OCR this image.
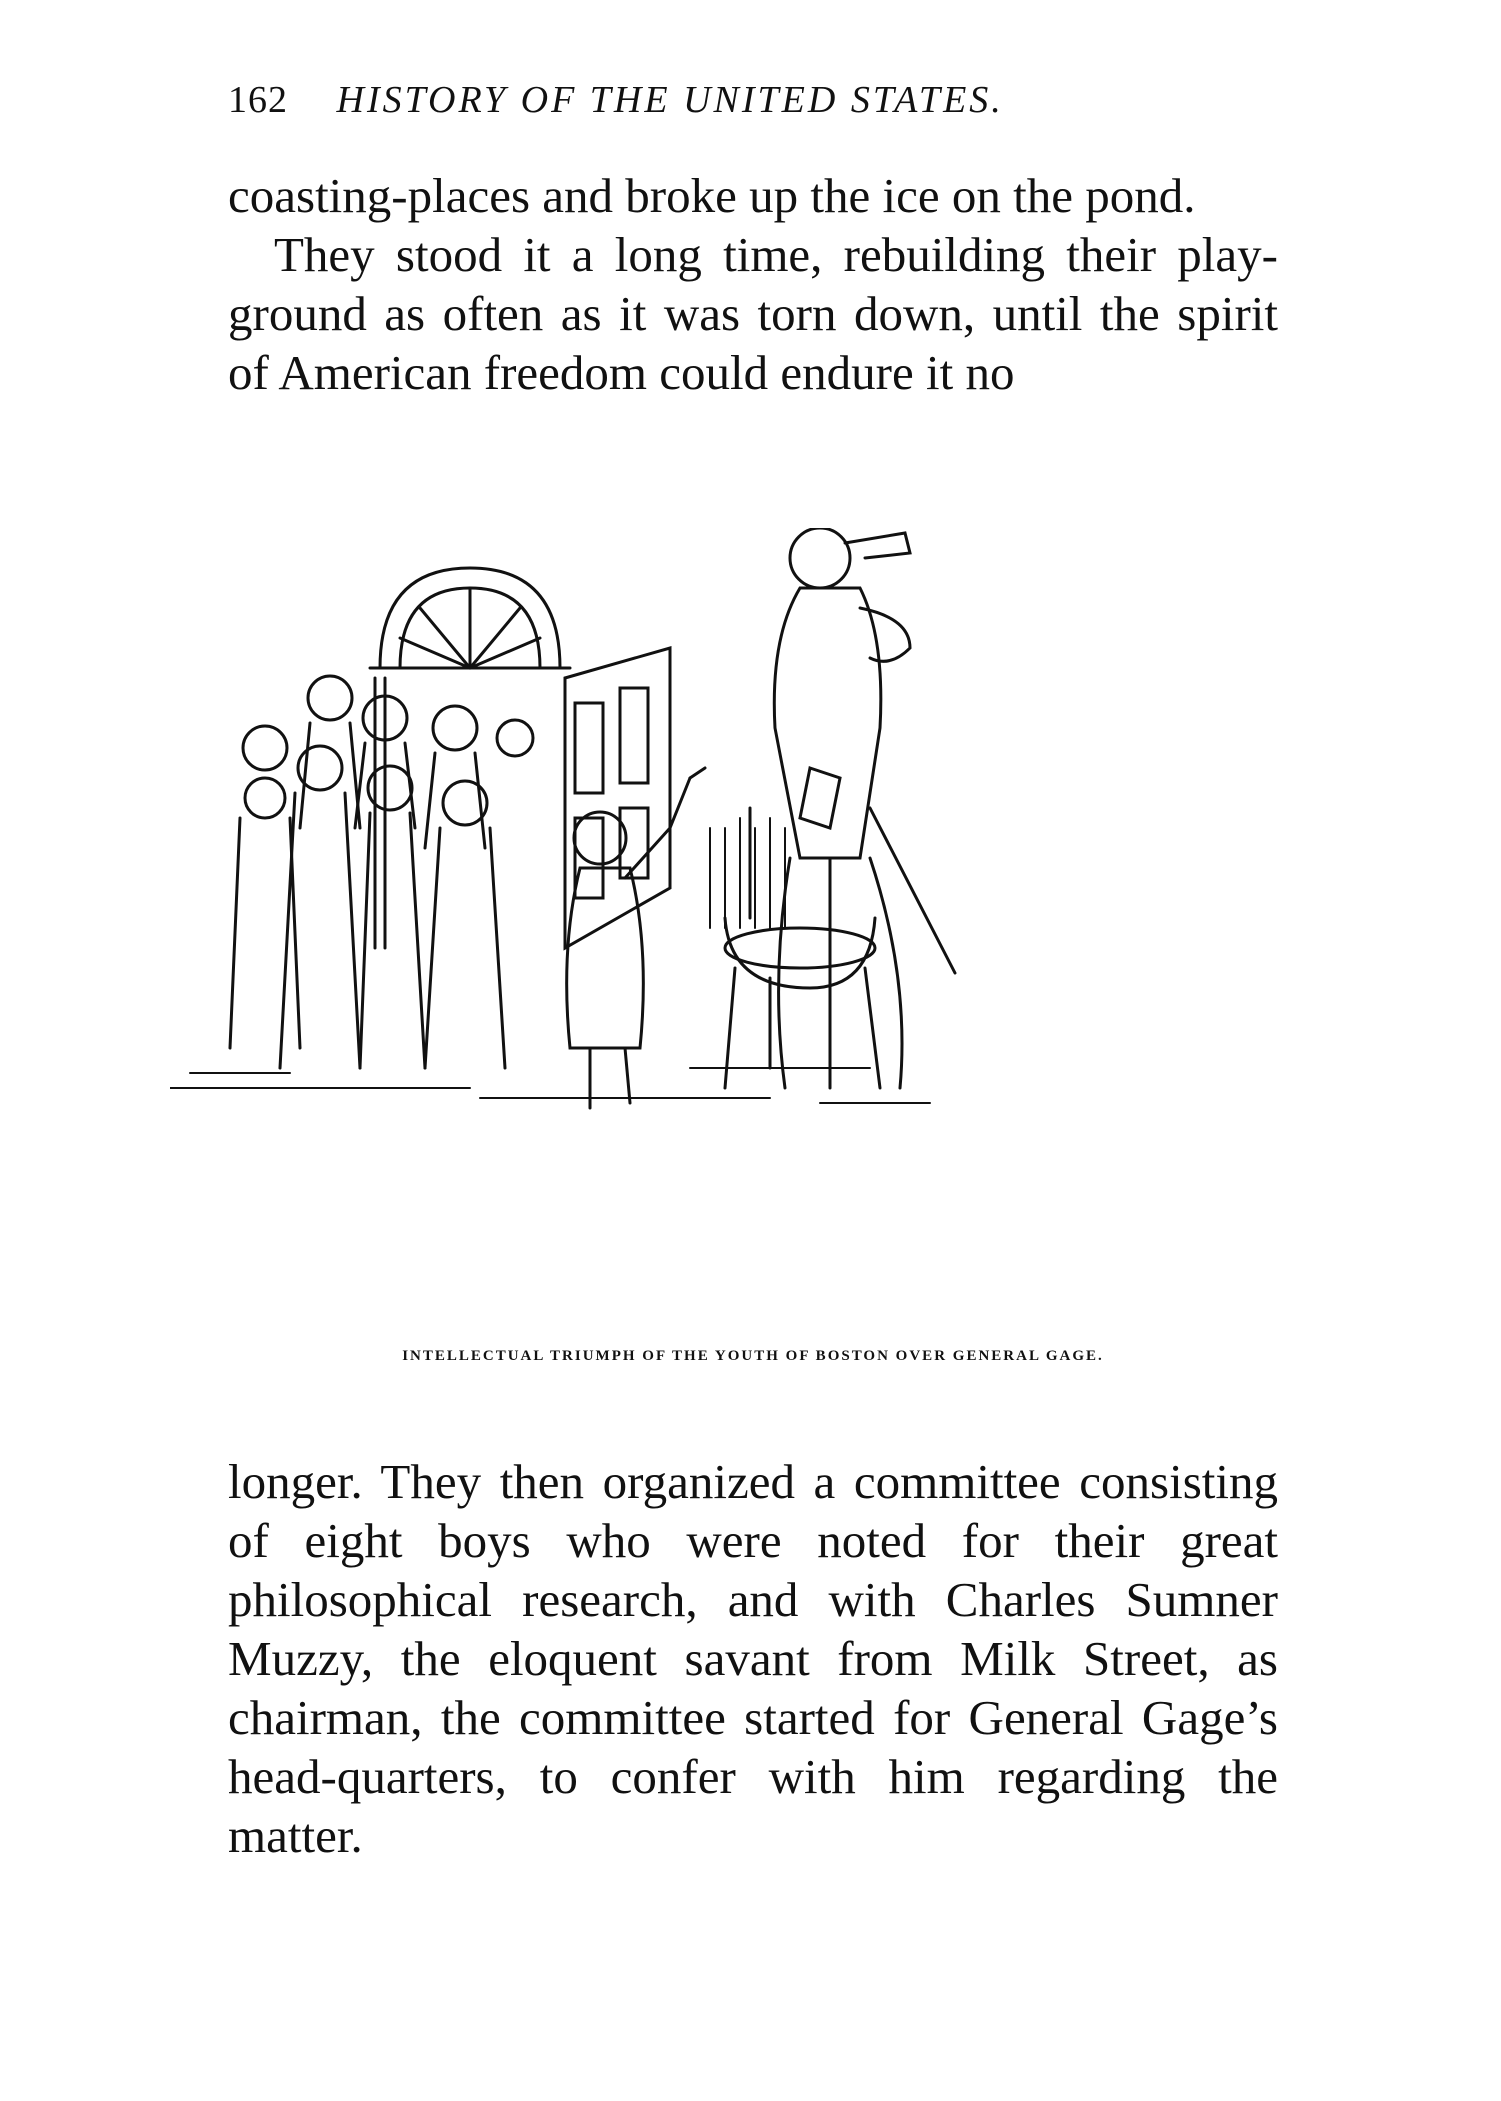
162 HISTORY OF THE UNITED STATES.

coasting-places and broke up the ice on the pond.

They stood it a long time, rebuilding their play-ground as often as it was torn down, until the spirit of American freedom could endure it no

INTELLECTUAL TRIUMPH OF THE YOUTH OF BOSTON OVER GENERAL GAGE.

longer. They then organized a committee consisting of eight boys who were noted for their great philosophical research, and with Charles Sumner Muzzy, the eloquent savant from Milk Street, as chairman, the committee started for General Gage’s head-quarters, to confer with him regarding the matter.
